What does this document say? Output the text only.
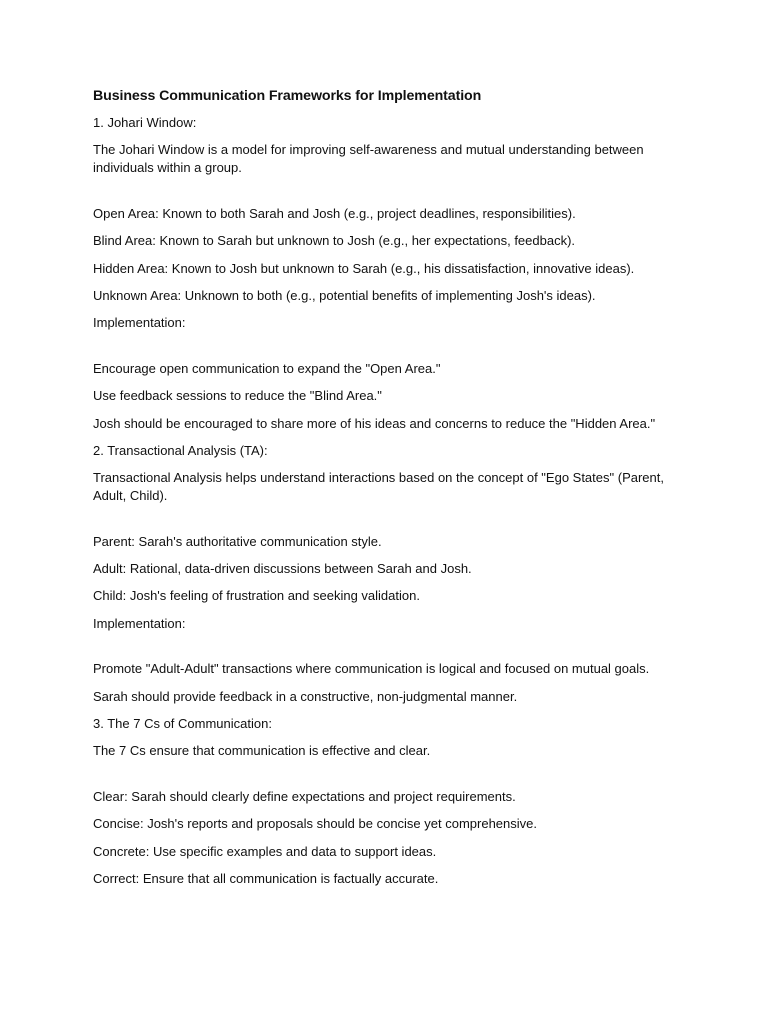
Business Communication Frameworks for Implementation
1. Johari Window:
The Johari Window is a model for improving self-awareness and mutual understanding between individuals within a group.
Open Area: Known to both Sarah and Josh (e.g., project deadlines, responsibilities).
Blind Area: Known to Sarah but unknown to Josh (e.g., her expectations, feedback).
Hidden Area: Known to Josh but unknown to Sarah (e.g., his dissatisfaction, innovative ideas).
Unknown Area: Unknown to both (e.g., potential benefits of implementing Josh's ideas).
Implementation:
Encourage open communication to expand the "Open Area."
Use feedback sessions to reduce the "Blind Area."
Josh should be encouraged to share more of his ideas and concerns to reduce the "Hidden Area."
2. Transactional Analysis (TA):
Transactional Analysis helps understand interactions based on the concept of "Ego States" (Parent, Adult, Child).
Parent: Sarah's authoritative communication style.
Adult: Rational, data-driven discussions between Sarah and Josh.
Child: Josh's feeling of frustration and seeking validation.
Implementation:
Promote "Adult-Adult" transactions where communication is logical and focused on mutual goals.
Sarah should provide feedback in a constructive, non-judgmental manner.
3. The 7 Cs of Communication:
The 7 Cs ensure that communication is effective and clear.
Clear: Sarah should clearly define expectations and project requirements.
Concise: Josh's reports and proposals should be concise yet comprehensive.
Concrete: Use specific examples and data to support ideas.
Correct: Ensure that all communication is factually accurate.
